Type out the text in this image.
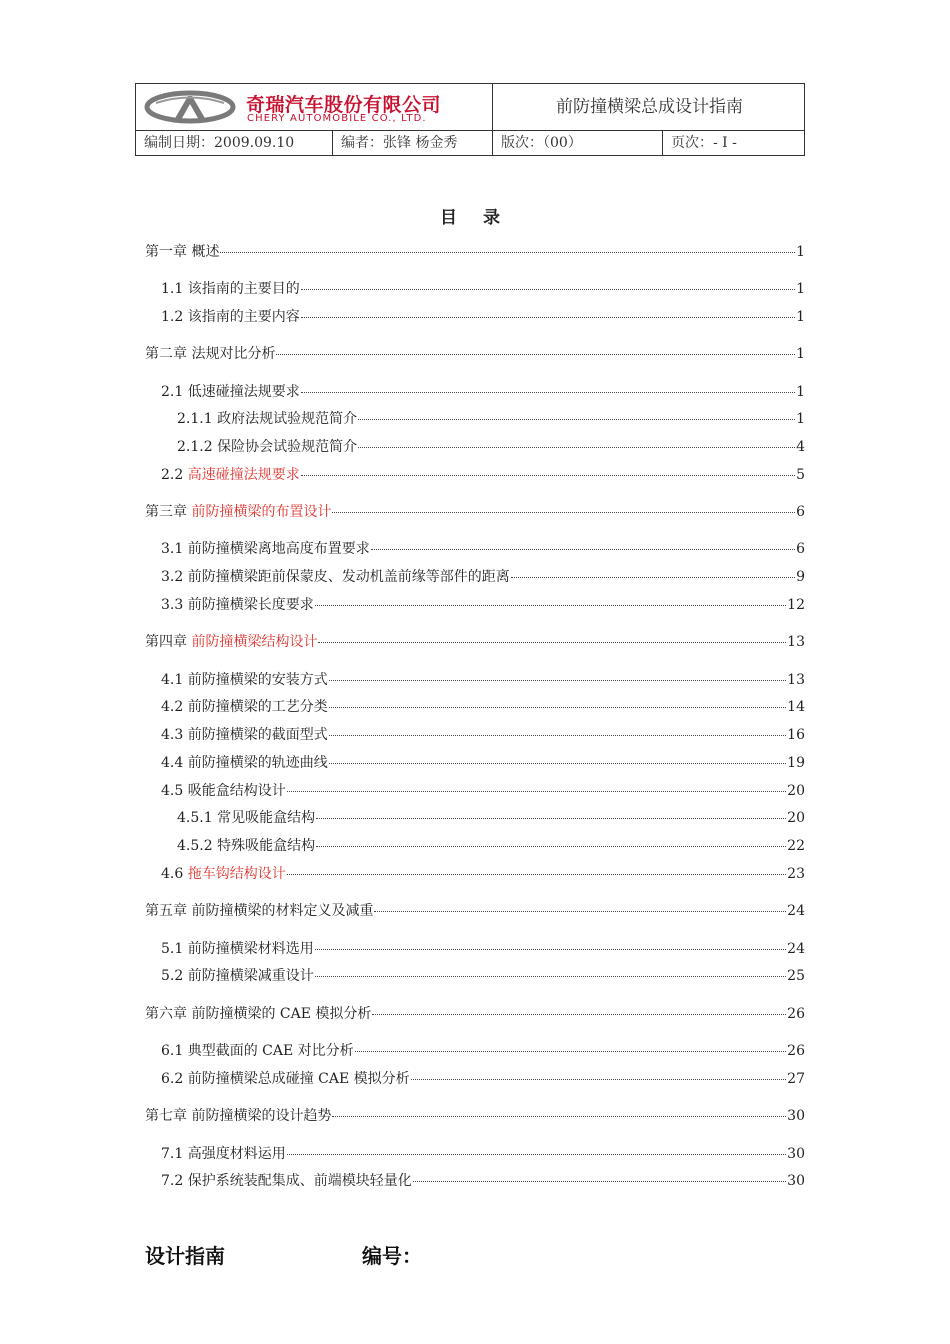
奇瑞汽车股份有限公司
CHERY AUTOMOBILE CO., LTD.
前防撞横梁总成设计指南
编制日期：2009.09.10	编者：张锋 杨金秀	版次：（00）	页次：- I -
目 录
第一章 概述	1
1.1 该指南的主要目的	1
1.2 该指南的主要内容	1
第二章 法规对比分析	1
2.1 低速碰撞法规要求	1
2.1.1 政府法规试验规范简介	1
2.1.2 保险协会试验规范简介	4
2.2 高速碰撞法规要求	5
第三章 前防撞横梁的布置设计	6
3.1 前防撞横梁离地高度布置要求	6
3.2 前防撞横梁距前保蒙皮、发动机盖前缘等部件的距离	9
3.3 前防撞横梁长度要求	12
第四章 前防撞横梁结构设计	13
4.1 前防撞横梁的安装方式	13
4.2 前防撞横梁的工艺分类	14
4.3 前防撞横梁的截面型式	16
4.4 前防撞横梁的轨迹曲线	19
4.5 吸能盒结构设计	20
4.5.1 常见吸能盒结构	20
4.5.2 特殊吸能盒结构	22
4.6 拖车钩结构设计	23
第五章 前防撞横梁的材料定义及减重	24
5.1 前防撞横梁材料选用	24
5.2 前防撞横梁减重设计	25
第六章 前防撞横梁的 CAE 模拟分析	26
6.1 典型截面的 CAE 对比分析	26
6.2 前防撞横梁总成碰撞 CAE 模拟分析	27
第七章 前防撞横梁的设计趋势	30
7.1 高强度材料运用	30
7.2 保护系统装配集成、前端模块轻量化	30
设计指南	编号：
